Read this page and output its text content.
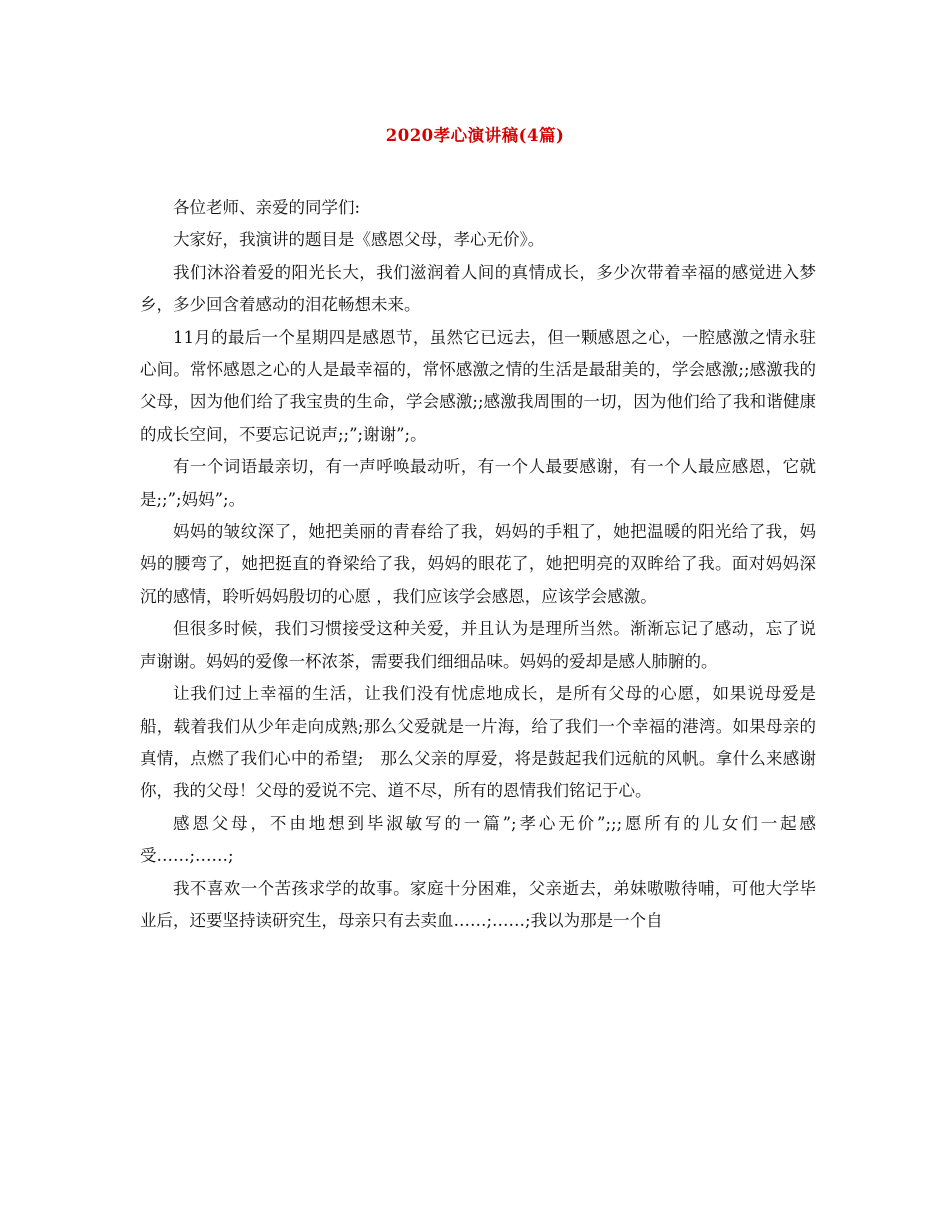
2020孝心演讲稿(4篇)

各位老师、亲爱的同学们:

大家好，我演讲的题目是《感恩父母，孝心无价》。

我们沐浴着爱的阳光长大，我们滋润着人间的真情成长，多少次带着幸福的感觉进入梦乡，多少回含着感动的泪花畅想未来。

11月的最后一个星期四是感恩节，虽然它已远去，但一颗感恩之心，一腔感激之情永驻心间。常怀感恩之心的人是最幸福的，常怀感激之情的生活是最甜美的，学会感激;;感激我的父母，因为他们给了我宝贵的生命，学会感激;;感激我周围的一切，因为他们给了我和谐健康的成长空间，不要忘记说声;;”;谢谢”;。

有一个词语最亲切，有一声呼唤最动听，有一个人最要感谢，有一个人最应感恩，它就是;;”;妈妈”;。

妈妈的皱纹深了，她把美丽的青春给了我，妈妈的手粗了，她把温暖的阳光给了我，妈妈的腰弯了，她把挺直的脊梁给了我，妈妈的眼花了，她把明亮的双眸给了我。面对妈妈深沉的感情，聆听妈妈殷切的心愿 ，我们应该学会感恩，应该学会感激。

但很多时候，我们习惯接受这种关爱，并且认为是理所当然。渐渐忘记了感动，忘了说声谢谢。妈妈的爱像一杯浓茶，需要我们细细品味。妈妈的爱却是感人肺腑的。

让我们过上幸福的生活，让我们没有忧虑地成长，是所有父母的心愿，如果说母爱是船，载着我们从少年走向成熟;那么父爱就是一片海，给了我们一个幸福的港湾。如果母亲的真情，点燃了我们心中的希望;　那么父亲的厚爱，将是鼓起我们远航的风帆。拿什么来感谢你，我的父母！父母的爱说不完、道不尽，所有的恩情我们铭记于心。

感恩父母，不由地想到毕淑敏写的一篇”;孝心无价”;;;愿所有的儿女们一起感受……;……;

我不喜欢一个苦孩求学的故事。家庭十分困难，父亲逝去，弟妹嗷嗷待哺，可他大学毕业后，还要坚持读研究生，母亲只有去卖血……;……;我以为那是一个自
